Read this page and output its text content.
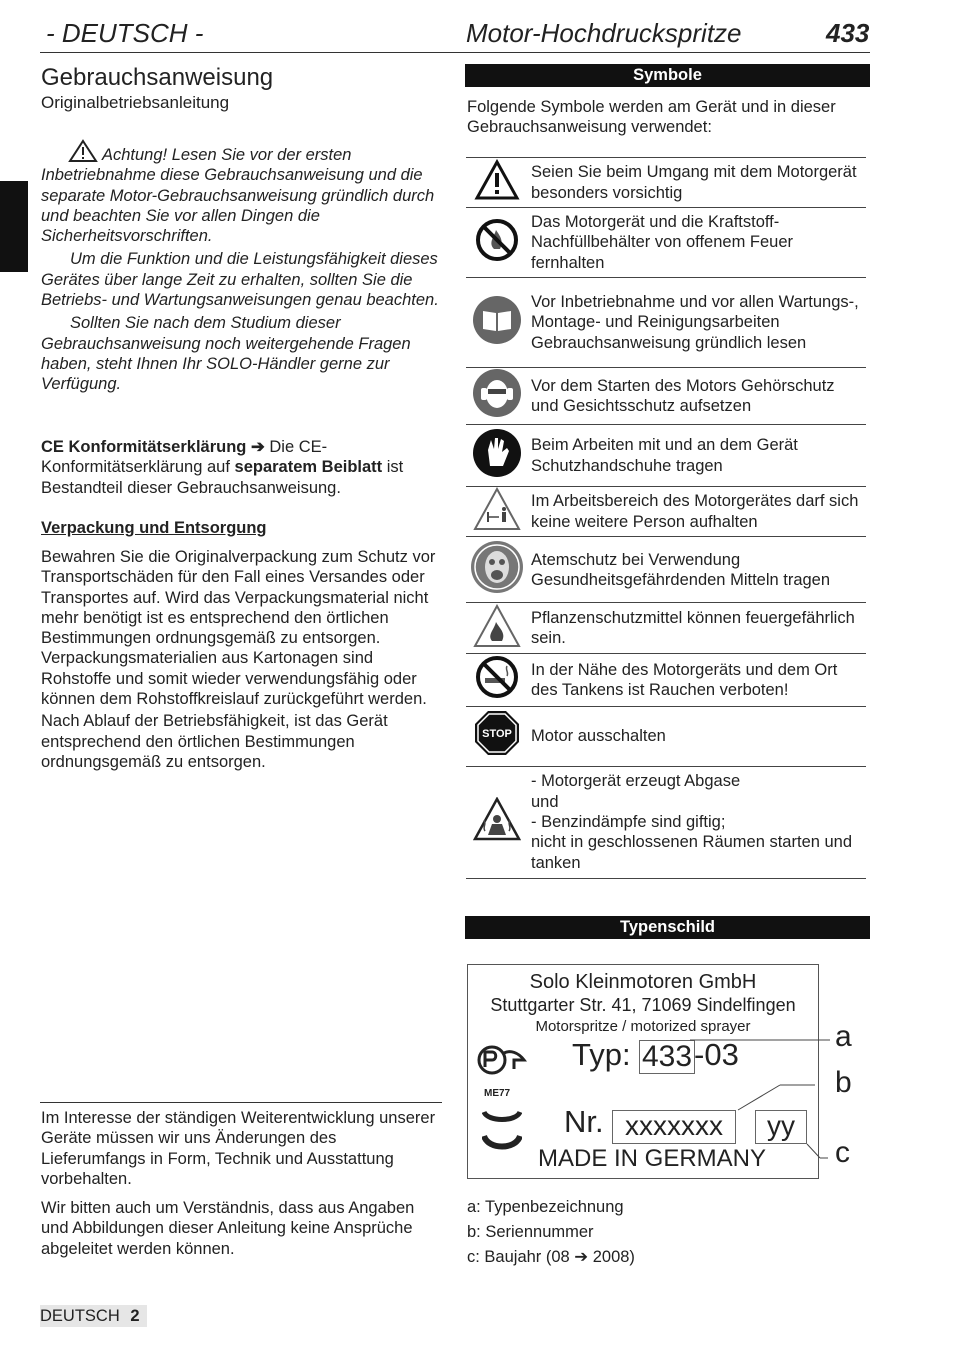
- DEUTSCH -	Motor-Hochdruckspritze	433
Gebrauchsanweisung
Originalbetriebsanleitung

Achtung! Lesen Sie vor der ersten Inbetriebnahme diese Gebrauchsanweisung und die separate Motor-Gebrauchsanweisung gründlich durch und beachten Sie vor allen Dingen die Sicherheitsvorschriften.

Um die Funktion und die Leistungsfähigkeit dieses Gerätes über lange Zeit zu erhalten, sollten Sie die Betriebs- und Wartungsanweisungen genau beachten.

Sollten Sie nach dem Studium dieser Gebrauchsanweisung noch weitergehende Fragen haben, steht Ihnen Ihr SOLO-Händler gerne zur Verfügung.

CE Konformitätserklärung ➔ Die CE-Konformitätserklärung auf separatem Beiblatt ist Bestandteil dieser Gebrauchsanweisung.
Verpackung und Entsorgung

Bewahren Sie die Originalverpackung zum Schutz vor Transportschäden für den Fall eines Versandes oder Transportes auf. Wird das Verpackungsmaterial nicht mehr benötigt ist es entsprechend den örtlichen Bestimmungen ordnungsgemäß zu entsorgen. Verpackungsmaterialien aus Kartonagen sind Rohstoffe und somit wieder verwendungsfähig oder können dem Rohstoffkreislauf zurückgeführt werden.

Nach Ablauf der Betriebsfähigkeit, ist das Gerät entsprechend den örtlichen Bestimmungen ordnungsgemäß zu entsorgen.

Im Interesse der ständigen Weiterentwicklung unserer Geräte müssen wir uns Änderungen des Lieferumfangs in Form, Technik und Ausstattung vorbehalten.

Wir bitten auch um Verständnis, dass aus Angaben und Abbildungen dieser Anleitung keine Ansprüche abgeleitet werden können.

Symbole
Folgende Symbole werden am Gerät und in dieser Gebrauchsanweisung verwendet:
	Seien Sie beim Umgang mit dem Motorgerät besonders vorsichtig
	Das Motorgerät und die Kraftstoff-Nachfüllbehälter von offenem Feuer fernhalten
	Vor Inbetriebnahme und vor allen Wartungs-, Montage- und Reinigungsarbeiten Gebrauchsanweisung gründlich lesen
	Vor dem Starten des Motors Gehörschutz und Gesichtsschutz aufsetzen
	Beim Arbeiten mit und an dem Gerät Schutzhandschuhe tragen
	Im Arbeitsbereich des Motorgerätes darf sich keine weitere Person aufhalten
	Atemschutz bei Verwendung Gesundheitsgefährdenden Mitteln tragen
	Pflanzenschutzmittel können feuergefährlich sein.
	In der Nähe des Motorgeräts und dem Ort des Tankens ist Rauchen verboten!

STOP	Motor ausschalten
	- Motorgerät erzeugt Abgase
und
- Benzindämpfe sind giftig;
nicht in geschlossenen Räumen starten und tanken
Typenschild
Solo Kleinmotoren GmbH
Stuttgarter Str. 41, 71069 Sindelfingen
Motorspritze / motorized sprayer
ME77
Typ: 433 -03
Nr. xxxxxxx	yy
MADE IN GERMANY
a
b
c
a: Typenbezeichnung
b: Seriennummer
c: Baujahr (08 ➔ 2008)
DEUTSCH 2
